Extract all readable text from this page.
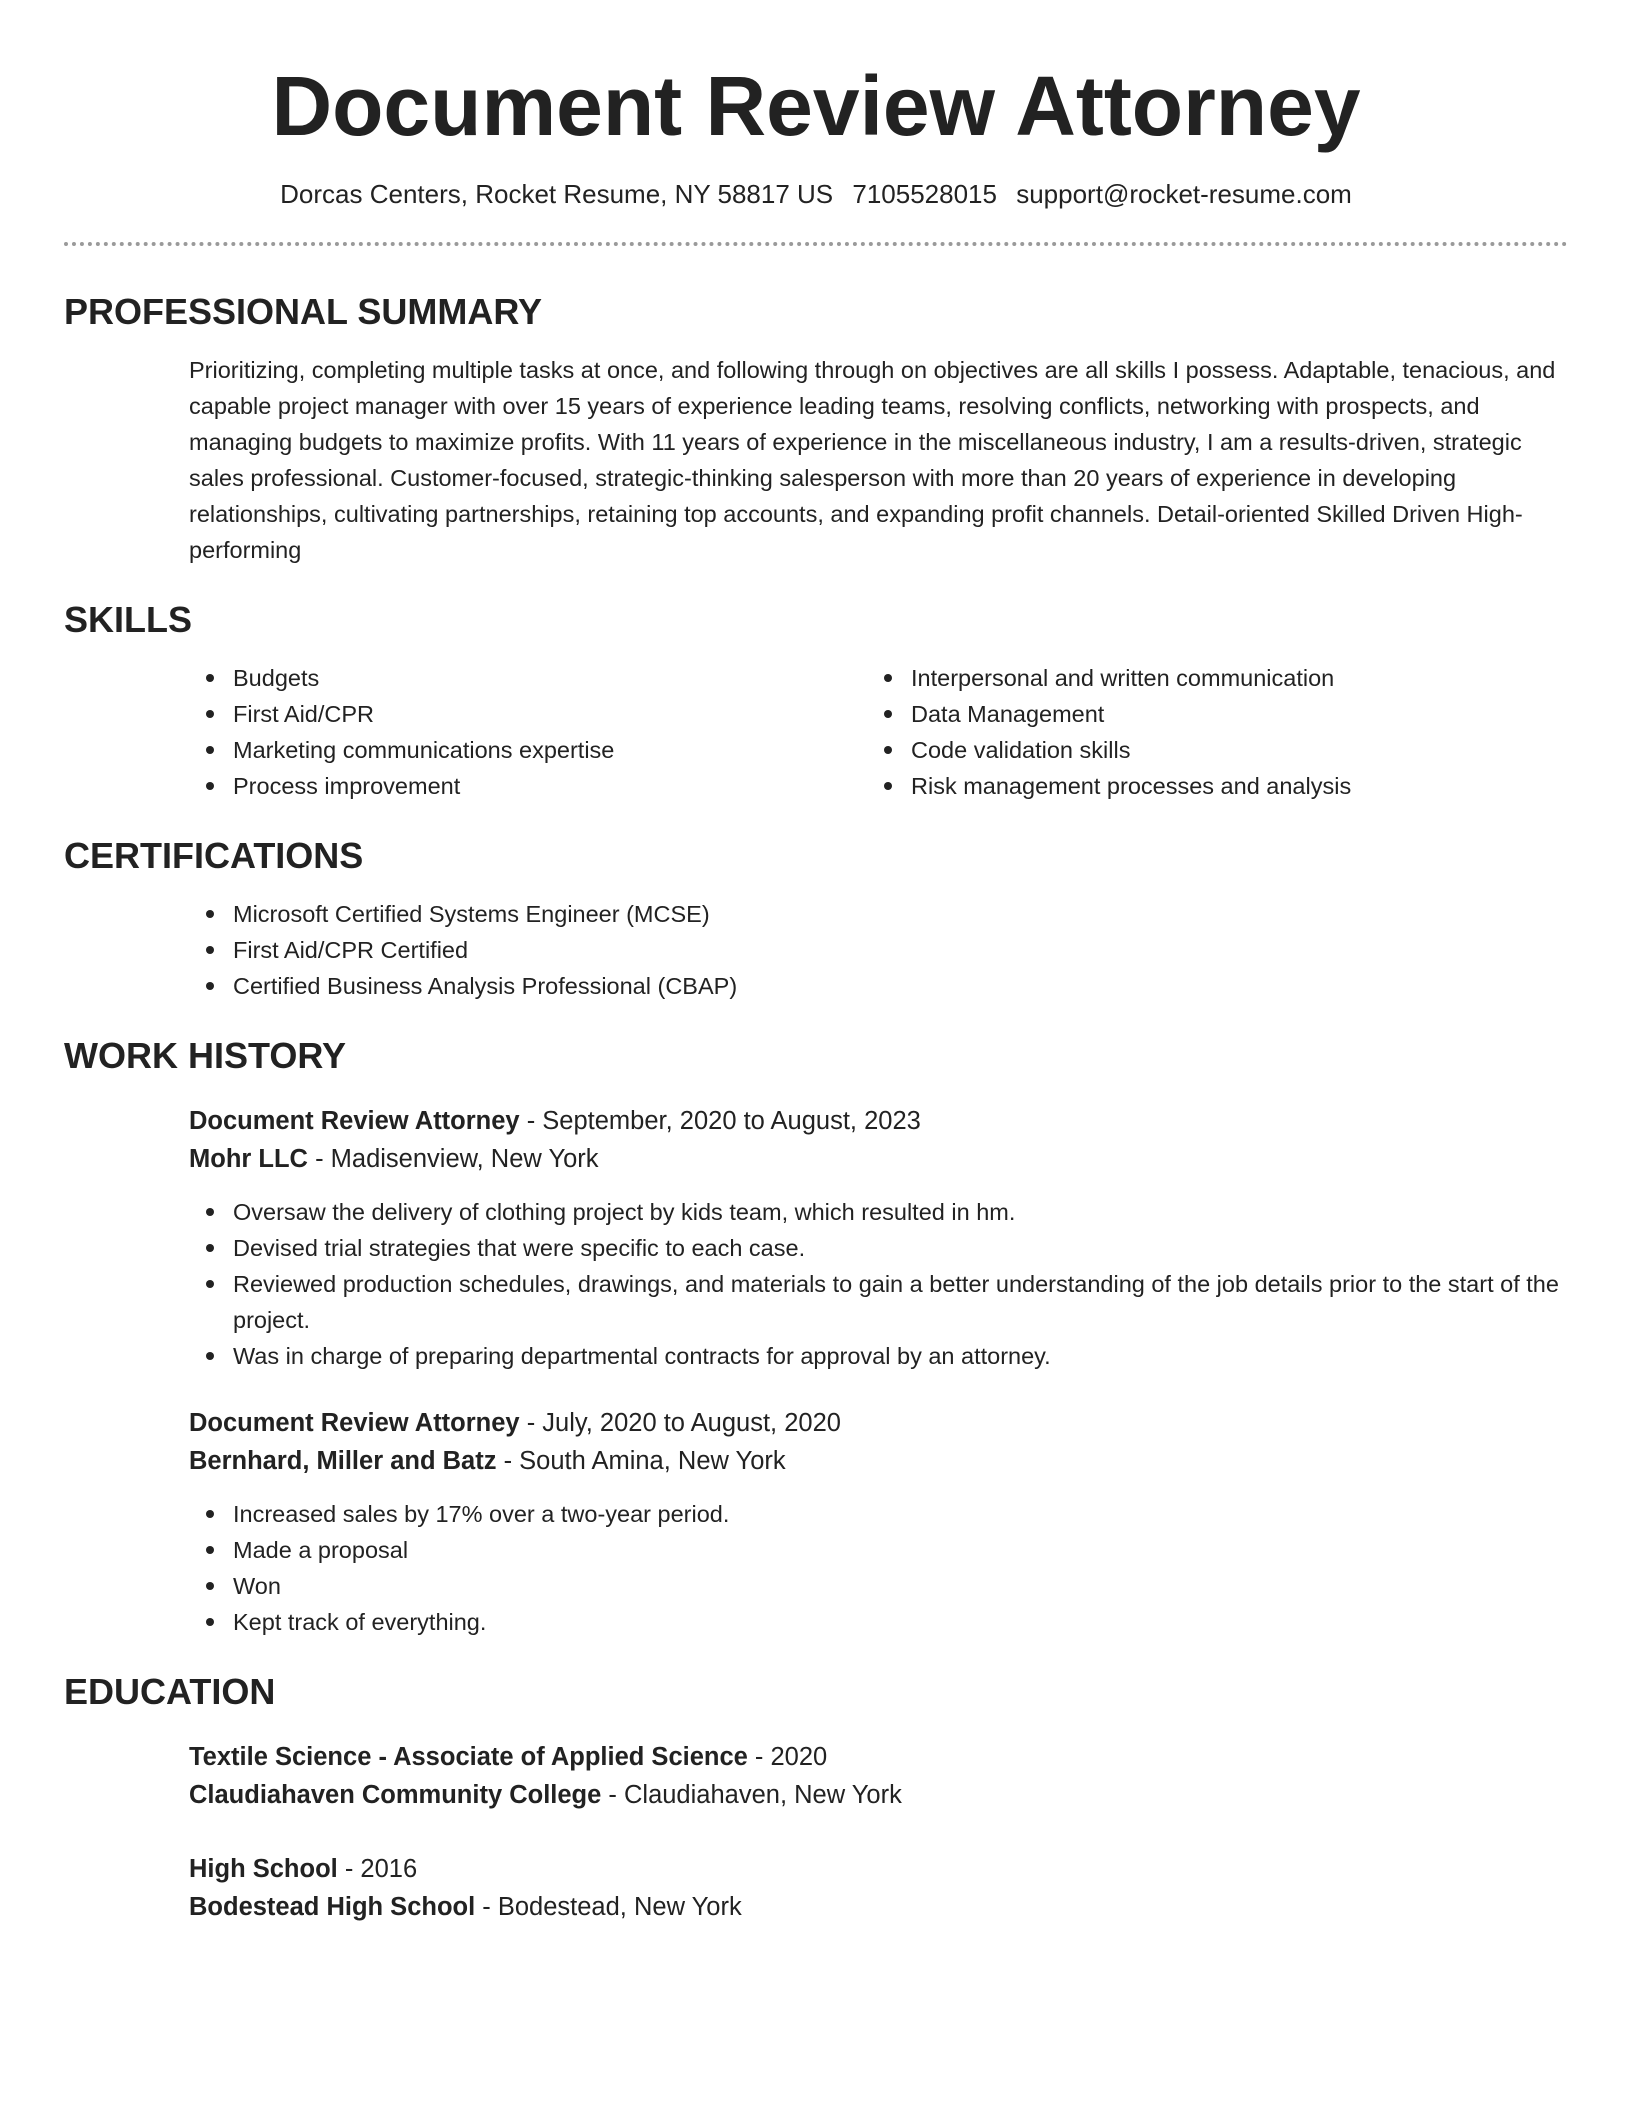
Document Review Attorney
Dorcas Centers, Rocket Resume, NY 58817 US 7105528015 support@rocket-resume.com
PROFESSIONAL SUMMARY

Prioritizing, completing multiple tasks at once, and following through on objectives are all skills I possess. Adaptable, tenacious, and capable project manager with over 15 years of experience leading teams, resolving conflicts, networking with prospects, and managing budgets to maximize profits. With 11 years of experience in the miscellaneous industry, I am a results-driven, strategic sales professional. Customer-focused, strategic-thinking salesperson with more than 20 years of experience in developing relationships, cultivating partnerships, retaining top accounts, and expanding profit channels. Detail-oriented Skilled Driven High-performing

SKILLS
Budgets
First Aid/CPR
Marketing communications expertise
Process improvement
Interpersonal and written communication
Data Management
Code validation skills
Risk management processes and analysis
CERTIFICATIONS
Microsoft Certified Systems Engineer (MCSE)
First Aid/CPR Certified
Certified Business Analysis Professional (CBAP)
WORK HISTORY
Document Review Attorney - September, 2020 to August, 2023
Mohr LLC - Madisenview, New York
Oversaw the delivery of clothing project by kids team, which resulted in hm.
Devised trial strategies that were specific to each case.
Reviewed production schedules, drawings, and materials to gain a better understanding of the job details prior to the start of the project.
Was in charge of preparing departmental contracts for approval by an attorney.
Document Review Attorney - July, 2020 to August, 2020
Bernhard, Miller and Batz - South Amina, New York
Increased sales by 17% over a two-year period.
Made a proposal
Won
Kept track of everything.
EDUCATION
Textile Science - Associate of Applied Science - 2020
Claudiahaven Community College - Claudiahaven, New York
High School - 2016
Bodestead High School - Bodestead, New York
